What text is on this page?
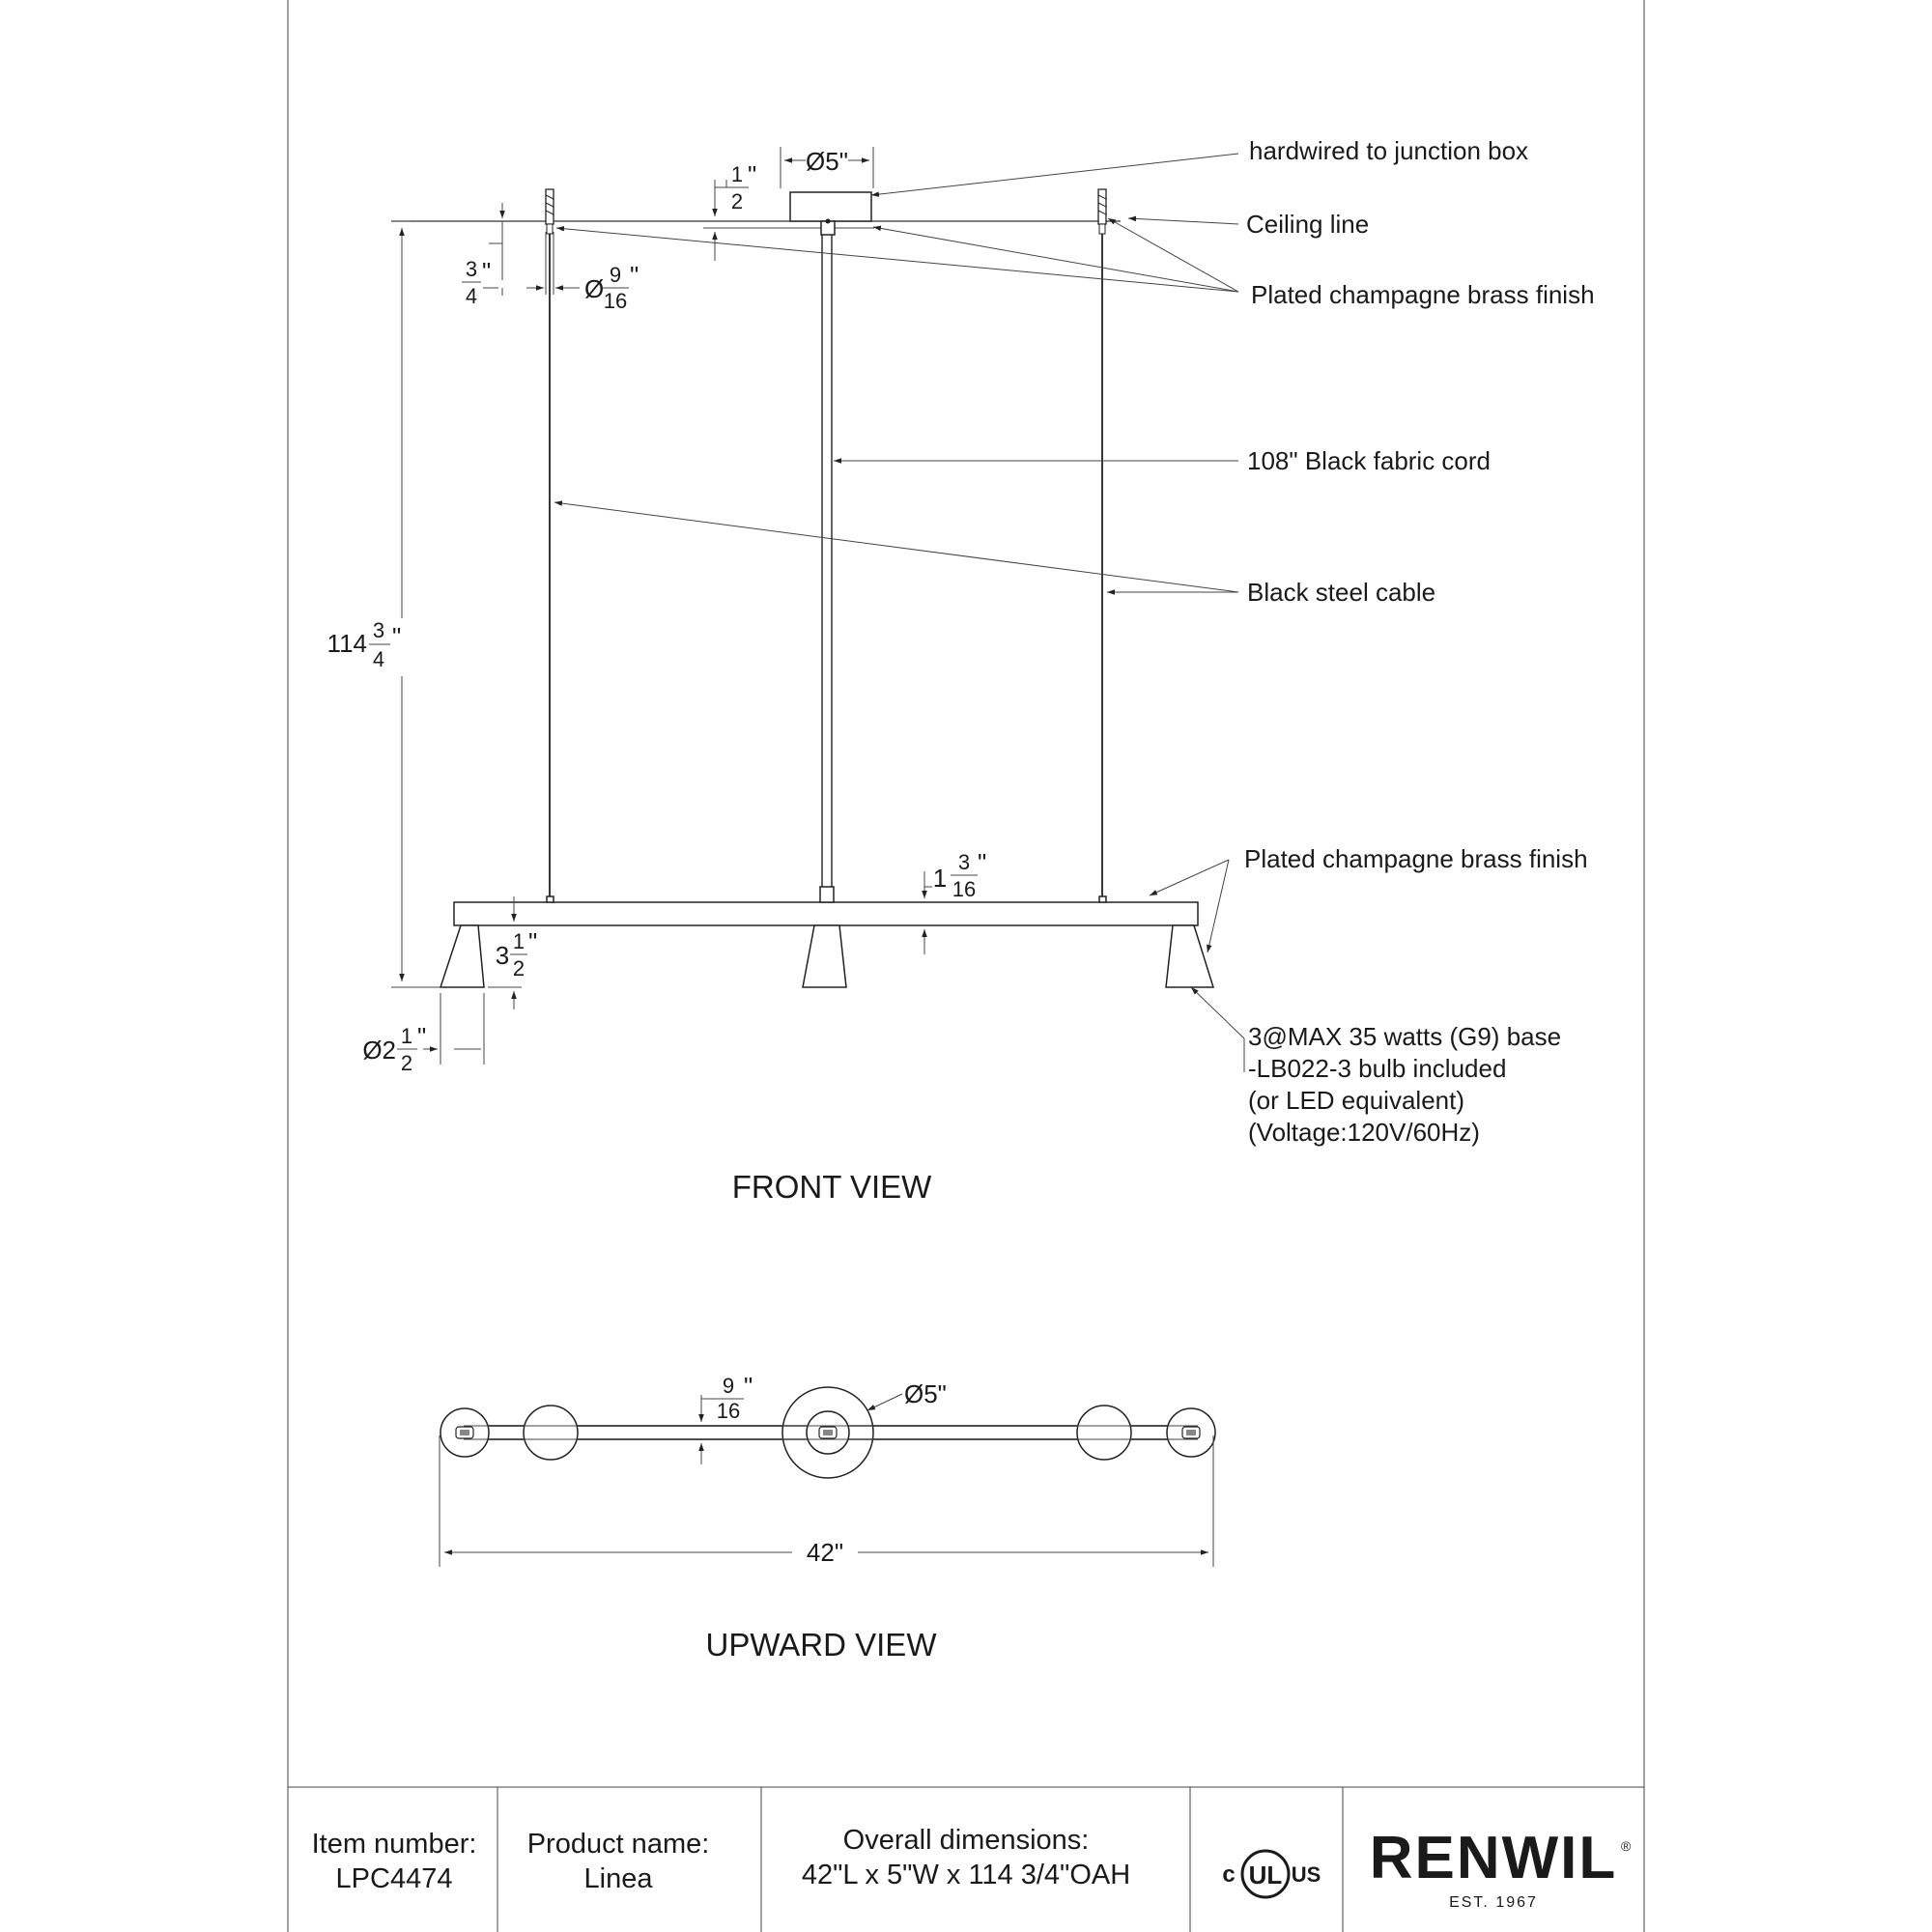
114 3
4
"
3
4
"
Ø 9
16
"
Ø5"
1
2
"
1
3
16
"
3 1
2
"
Ø2 1
2
"
hardwired to junction box
Ceiling line
Plated champagne brass finish
108" Black fabric cord
Black steel cable
Plated champagne brass finish
3@MAX 35 watts (G9) base
-LB022-3 bulb included
(or LED equivalent)
(Voltage:120V/60Hz)
FRONT VIEW
9
16
"	Ø5"
42"
UPWARD VIEW
Item number:
LPC4474
Product name:
Linea
Overall dimensions:
42"L x 5"W x 114 3/4"OAH	c UL US RENWIL ®
EST. 1967
